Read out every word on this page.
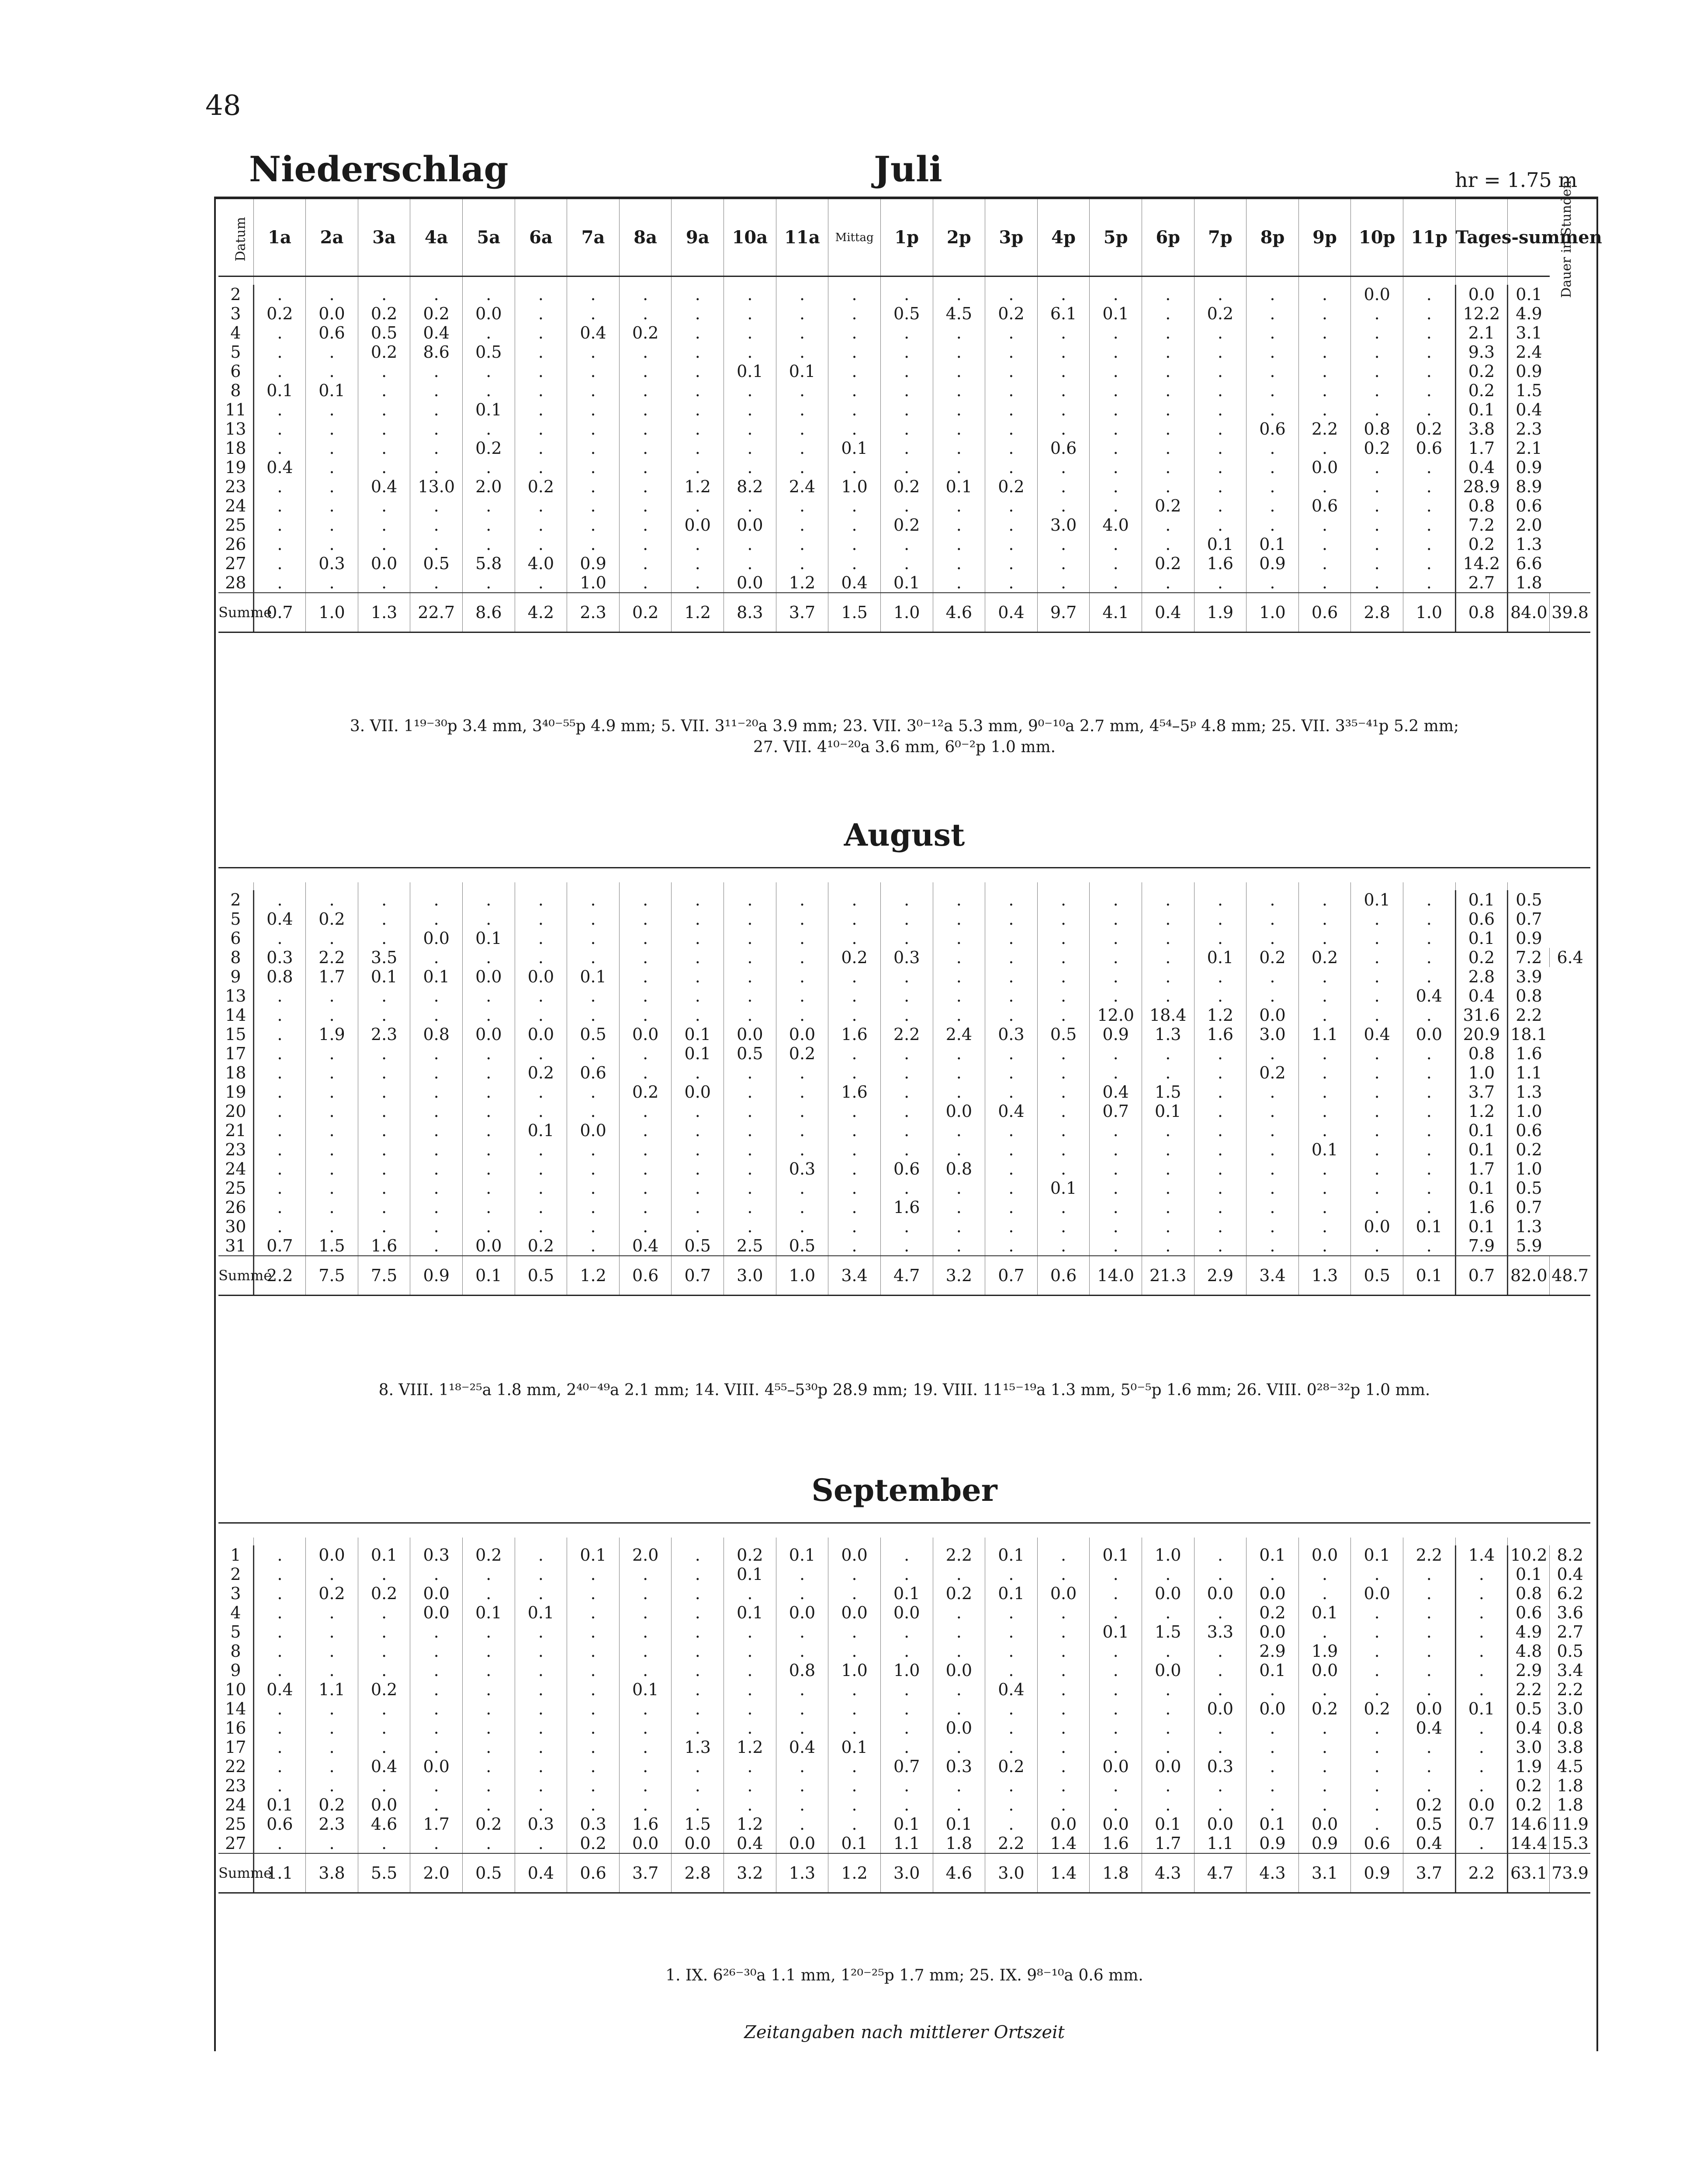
48
Niederschlag	Juli	hr = 1.75 m
Datum	1a	2a	3a	4a	5a	6a	7a	8a	9a	10a	11a	Mittag	1p	2p	3p	4p	5p	6p	7p	8p	9p	10p	11p	Tages-summen	Dauer in Stunden	

2	.	.	.	.	.	.	.	.	.	.	.	.	.	.	.	.	.	.	.	.	.	0.0	.	0.0	0.1	
3	0.2	0.0	0.2	0.2	0.0	.	.	.	.	.	.	.	0.5	4.5	0.2	6.1	0.1	.	0.2	.	.	.	.	12.2	4.9	
4	.	0.6	0.5	0.4	.	.	0.4	0.2	.	.	.	.	.	.	.	.	.	.	.	.	.	.	.	2.1	3.1	
5	.	.	0.2	8.6	0.5	.	.	.	.	.	.	.	.	.	.	.	.	.	.	.	.	.	.	9.3	2.4	
6	.	.	.	.	.	.	.	.	.	0.1	0.1	.	.	.	.	.	.	.	.	.	.	.	.	0.2	0.9	
8	0.1	0.1	.	.	.	.	.	.	.	.	.	.	.	.	.	.	.	.	.	.	.	.	.	0.2	1.5	
11	.	.	.	.	0.1	.	.	.	.	.	.	.	.	.	.	.	.	.	.	.	.	.	.	0.1	0.4	
13	.	.	.	.	.	.	.	.	.	.	.	.	.	.	.	.	.	.	.	0.6	2.2	0.8	0.2	3.8	2.3	
18	.	.	.	.	0.2	.	.	.	.	.	.	0.1	.	.	.	0.6	.	.	.	.	.	0.2	0.6	1.7	2.1	
19	0.4	.	.	.	.	.	.	.	.	.	.	.	.	.	.	.	.	.	.	.	0.0	.	.	0.4	0.9	
23	.	.	0.4	13.0	2.0	0.2	.	.	1.2	8.2	2.4	1.0	0.2	0.1	0.2	.	.	.	.	.	.	.	.	28.9	8.9	
24	.	.	.	.	.	.	.	.	.	.	.	.	.	.	.	.	.	0.2	.	.	0.6	.	.	0.8	0.6	
25	.	.	.	.	.	.	.	.	0.0	0.0	.	.	0.2	.	.	3.0	4.0	.	.	.	.	.	.	7.2	2.0	
26	.	.	.	.	.	.	.	.	.	.	.	.	.	.	.	.	.	.	0.1	0.1	.	.	.	0.2	1.3	
27	.	0.3	0.0	0.5	5.8	4.0	0.9	.	.	.	.	.	.	.	.	.	.	0.2	1.6	0.9	.	.	.	14.2	6.6	
28	.	.	.	.	.	.	1.0	.	.	0.0	1.2	0.4	0.1	.	.	.	.	.	.	.	.	.	.	2.7	1.8	
Summe	0.7	1.0	1.3	22.7	8.6	4.2	2.3	0.2	1.2	8.3	3.7	1.5	1.0	4.6	0.4	9.7	4.1	0.4	1.9	1.0	0.6	2.8	1.0	0.8	84.0	39.8
3. VII. 1¹⁹⁻³⁰p 3.4 mm, 3⁴⁰⁻⁵⁵p 4.9 mm; 5. VII. 3¹¹⁻²⁰a 3.9 mm; 23. VII. 3⁰⁻¹²a 5.3 mm, 9⁰⁻¹⁰a 2.7 mm, 4⁵⁴–5ᵖ 4.8 mm; 25. VII. 3³⁵⁻⁴¹p 5.2 mm;
27. VII. 4¹⁰⁻²⁰a 3.6 mm, 6⁰⁻²p 1.0 mm.
August

2	.	.	.	.	.	.	.	.	.	.	.	.	.	.	.	.	.	.	.	.	.	0.1	.	0.1	0.5	
5	0.4	0.2	.	.	.	.	.	.	.	.	.	.	.	.	.	.	.	.	.	.	.	.	.	0.6	0.7	
6	.	.	.	0.0	0.1	.	.	.	.	.	.	.	.	.	.	.	.	.	.	.	.	.	.	0.1	0.9	
8	0.3	2.2	3.5	.	.	.	.	.	.	.	.	0.2	0.3	.	.	.	.	.	0.1	0.2	0.2	.	.	0.2	7.2	6.4
9	0.8	1.7	0.1	0.1	0.0	0.0	0.1	.	.	.	.	.	.	.	.	.	.	.	.	.	.	.	.	2.8	3.9	
13	.	.	.	.	.	.	.	.	.	.	.	.	.	.	.	.	.	.	.	.	.	.	0.4	0.4	0.8	
14	.	.	.	.	.	.	.	.	.	.	.	.	.	.	.	.	12.0	18.4	1.2	0.0	.	.	.	31.6	2.2	
15	.	1.9	2.3	0.8	0.0	0.0	0.5	0.0	0.1	0.0	0.0	1.6	2.2	2.4	0.3	0.5	0.9	1.3	1.6	3.0	1.1	0.4	0.0	20.9	18.1	
17	.	.	.	.	.	.	.	.	0.1	0.5	0.2	.	.	.	.	.	.	.	.	.	.	.	.	0.8	1.6	
18	.	.	.	.	.	0.2	0.6	.	.	.	.	.	.	.	.	.	.	.	.	0.2	.	.	.	1.0	1.1	
19	.	.	.	.	.	.	.	0.2	0.0	.	.	1.6	.	.	.	.	0.4	1.5	.	.	.	.	.	3.7	1.3	
20	.	.	.	.	.	.	.	.	.	.	.	.	.	0.0	0.4	.	0.7	0.1	.	.	.	.	.	1.2	1.0	
21	.	.	.	.	.	0.1	0.0	.	.	.	.	.	.	.	.	.	.	.	.	.	.	.	.	0.1	0.6	
23	.	.	.	.	.	.	.	.	.	.	.	.	.	.	.	.	.	.	.	.	0.1	.	.	0.1	0.2	
24	.	.	.	.	.	.	.	.	.	.	0.3	.	0.6	0.8	.	.	.	.	.	.	.	.	.	1.7	1.0	
25	.	.	.	.	.	.	.	.	.	.	.	.	.	.	.	0.1	.	.	.	.	.	.	.	0.1	0.5	
26	.	.	.	.	.	.	.	.	.	.	.	.	1.6	.	.	.	.	.	.	.	.	.	.	1.6	0.7	
30	.	.	.	.	.	.	.	.	.	.	.	.	.	.	.	.	.	.	.	.	.	0.0	0.1	0.1	1.3	
31	0.7	1.5	1.6	.	0.0	0.2	.	0.4	0.5	2.5	0.5	.	.	.	.	.	.	.	.	.	.	.	.	7.9	5.9	
Summe	2.2	7.5	7.5	0.9	0.1	0.5	1.2	0.6	0.7	3.0	1.0	3.4	4.7	3.2	0.7	0.6	14.0	21.3	2.9	3.4	1.3	0.5	0.1	0.7	82.0	48.7
8. VIII. 1¹⁸⁻²⁵a 1.8 mm, 2⁴⁰⁻⁴⁹a 2.1 mm; 14. VIII. 4⁵⁵–5³⁰p 28.9 mm; 19. VIII. 11¹⁵⁻¹⁹a 1.3 mm, 5⁰⁻⁵p 1.6 mm; 26. VIII. 0²⁸⁻³²p 1.0 mm.
September

1	.	0.0	0.1	0.3	0.2	.	0.1	2.0	.	0.2	0.1	0.0	.	2.2	0.1	.	0.1	1.0	.	0.1	0.0	0.1	2.2	1.4	10.2	8.2
2	.	.	.	.	.	.	.	.	.	0.1	.	.	.	.	.	.	.	.	.	.	.	.	.	.	0.1	0.4
3	.	0.2	0.2	0.0	.	.	.	.	.	.	.	.	0.1	0.2	0.1	0.0	.	0.0	0.0	0.0	.	0.0	.	.	0.8	6.2
4	.	.	.	0.0	0.1	0.1	.	.	.	0.1	0.0	0.0	0.0	.	.	.	.	.	.	0.2	0.1	.	.	.	0.6	3.6
5	.	.	.	.	.	.	.	.	.	.	.	.	.	.	.	.	0.1	1.5	3.3	0.0	.	.	.	.	4.9	2.7
8	.	.	.	.	.	.	.	.	.	.	.	.	.	.	.	.	.	.	.	2.9	1.9	.	.	.	4.8	0.5
9	.	.	.	.	.	.	.	.	.	.	0.8	1.0	1.0	0.0	.	.	.	0.0	.	0.1	0.0	.	.	.	2.9	3.4
10	0.4	1.1	0.2	.	.	.	.	0.1	.	.	.	.	.	.	0.4	.	.	.	.	.	.	.	.	.	2.2	2.2
14	.	.	.	.	.	.	.	.	.	.	.	.	.	.	.	.	.	.	0.0	0.0	0.2	0.2	0.0	0.1	0.5	3.0
16	.	.	.	.	.	.	.	.	.	.	.	.	.	0.0	.	.	.	.	.	.	.	.	0.4	.	0.4	0.8
17	.	.	.	.	.	.	.	.	1.3	1.2	0.4	0.1	.	.	.	.	.	.	.	.	.	.	.	.	3.0	3.8
22	.	.	0.4	0.0	.	.	.	.	.	.	.	.	0.7	0.3	0.2	.	0.0	0.0	0.3	.	.	.	.	.	1.9	4.5
23	.	.	.	.	.	.	.	.	.	.	.	.	.	.	.	.	.	.	.	.	.	.	.	.	0.2	1.8
24	0.1	0.2	0.0	.	.	.	.	.	.	.	.	.	.	.	.	.	.	.	.	.	.	.	0.2	0.0	0.2	1.8
25	0.6	2.3	4.6	1.7	0.2	0.3	0.3	1.6	1.5	1.2	.	.	0.1	0.1	.	0.0	0.0	0.1	0.0	0.1	0.0	.	0.5	0.7	14.6	11.9
27	.	.	.	.	.	.	0.2	0.0	0.0	0.4	0.0	0.1	1.1	1.8	2.2	1.4	1.6	1.7	1.1	0.9	0.9	0.6	0.4	.	14.4	15.3
Summe	1.1	3.8	5.5	2.0	0.5	0.4	0.6	3.7	2.8	3.2	1.3	1.2	3.0	4.6	3.0	1.4	1.8	4.3	4.7	4.3	3.1	0.9	3.7	2.2	63.1	73.9
1. IX. 6²⁶⁻³⁰a 1.1 mm, 1²⁰⁻²⁵p 1.7 mm; 25. IX. 9⁸⁻¹⁰a 0.6 mm.
Zeitangaben nach mittlerer Ortszeit
